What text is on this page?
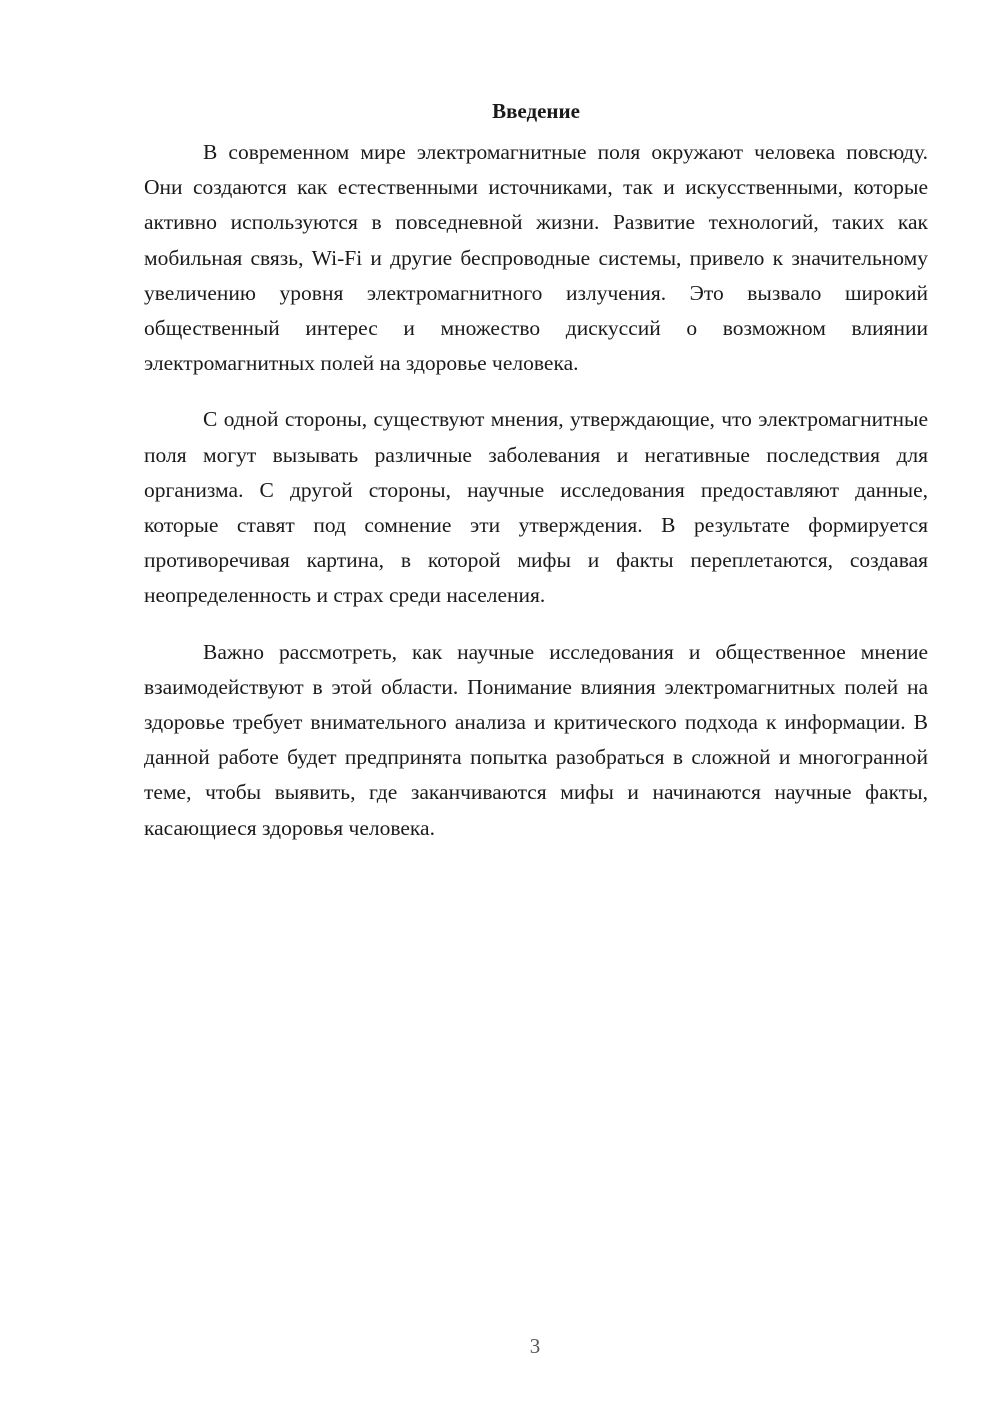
Введение

В современном мире электромагнитные поля окружают человека повсюду. Они создаются как естественными источниками, так и искусственными, которые активно используются в повседневной жизни. Развитие технологий, таких как мобильная связь, Wi-Fi и другие беспроводные системы, привело к значительному увеличению уровня электромагнитного излучения. Это вызвало широкий общественный интерес и множество дискуссий о возможном влиянии электромагнитных полей на здоровье человека.

С одной стороны, существуют мнения, утверждающие, что электромагнитные поля могут вызывать различные заболевания и негативные последствия для организма. С другой стороны, научные исследования предоставляют данные, которые ставят под сомнение эти утверждения. В результате формируется противоречивая картина, в которой мифы и факты переплетаются, создавая неопределенность и страх среди населения.

Важно рассмотреть, как научные исследования и общественное мнение взаимодействуют в этой области. Понимание влияния электромагнитных полей на здоровье требует внимательного анализа и критического подхода к информации. В данной работе будет предпринята попытка разобраться в сложной и многогранной теме, чтобы выявить, где заканчиваются мифы и начинаются научные факты, касающиеся здоровья человека.

3
